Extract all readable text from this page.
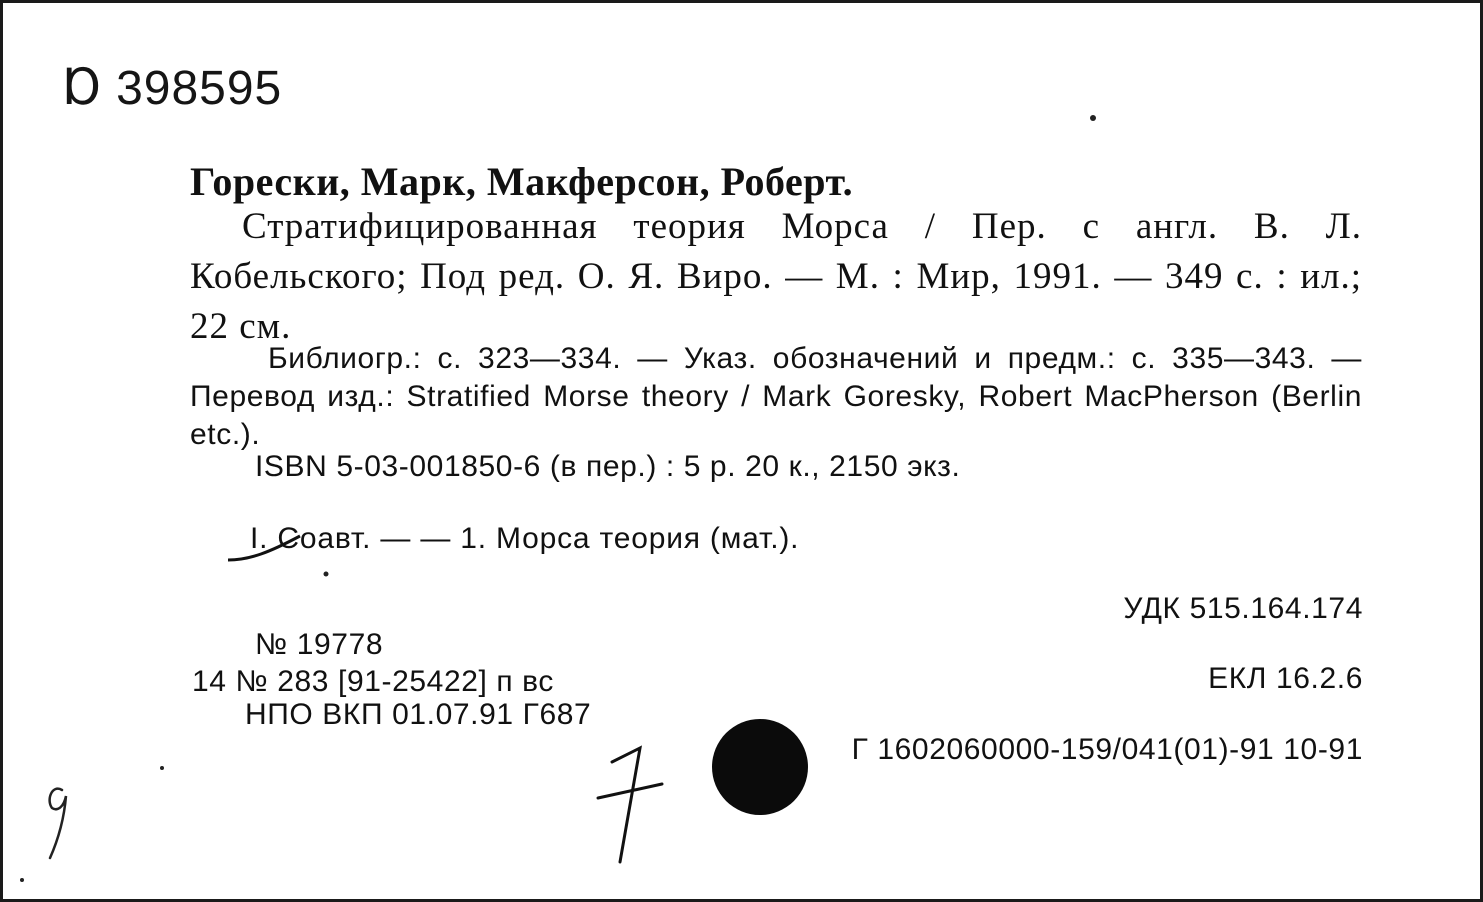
Ɒ 398595
Горески, Марк, Макферсон, Роберт.
Стратифицированная теория Морса / Пер. с англ. В. Л. Кобельского; Под ред. О. Я. Виро. — М. : Мир, 1991. — 349 с. : ил.; 22 см.
Библиогр.: с. 323—334. — Указ. обозначений и предм.: с. 335—343. — Перевод изд.: Stratified Morse theory / Mark Goresky, Robert MacPherson (Berlin etc.).
ISBN 5-03-001850-6 (в пер.) : 5 р. 20 к., 2150 экз.
I. Соавт. — — 1. Морса теория (мат.).
УДК 515.164.174
№ 19778
14 № 283 [91-25422] п вс	ЕКЛ 16.2.6
НПО ВКП 01.07.91 Г687
Г 1602060000-159/041(01)-91 10-91
